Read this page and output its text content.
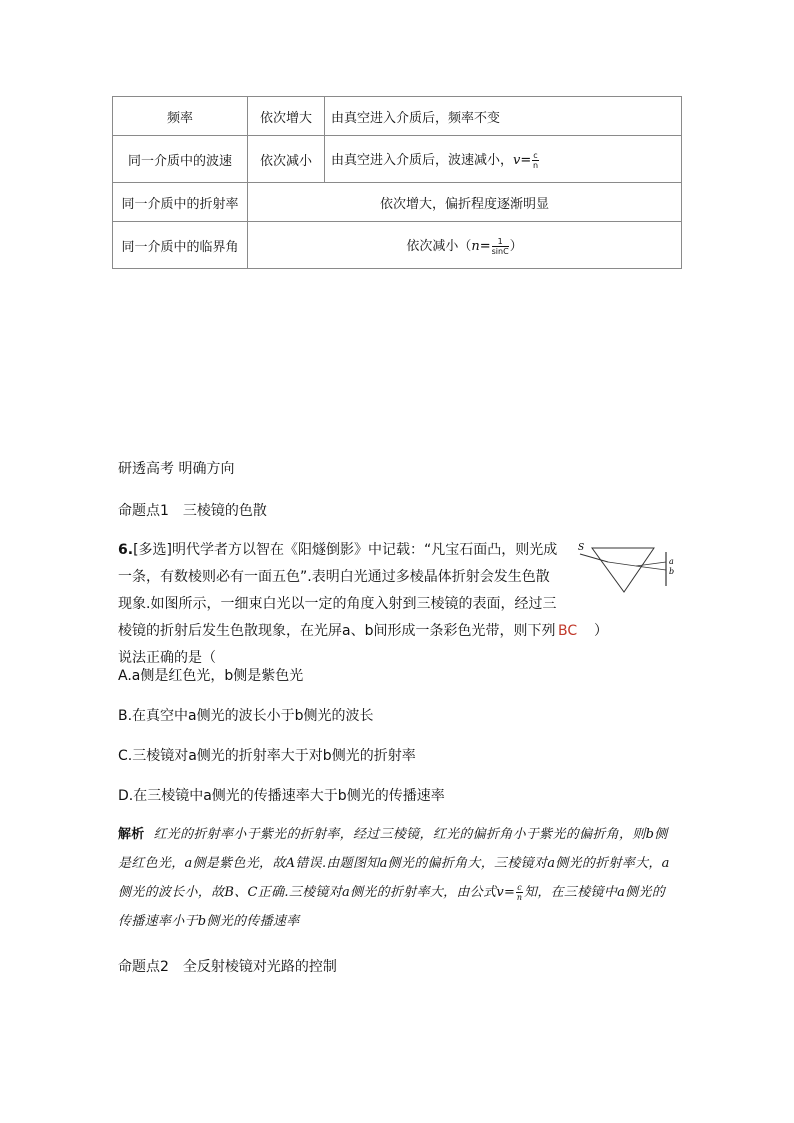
频率	依次增大	由真空进入介质后，频率不变
同一介质中的波速	依次减小	由真空进入介质后，波速减小，$v= \frac{c}{n}$

同一介质中的折射率	依次增大，偏折程度逐渐明显	
同一介质中的临界角	依次减小（$n= \frac{1}{\sin C}$ ）	
研透高考 明确方向
命题点1　三棱镜的色散
S
a
b
6.[多选]明代学者方以智在《阳燧倒影》中记载：“凡宝石面凸，则光成一条，有数棱则必有一面五色”.表明白光通过多棱晶体折射会发生色散现象.如图所示，一细束白光以一定的角度入射到三棱镜的表面，经过三棱镜的折射后发生色散现象，在光屏a、b间形成一条彩色光带，则下列说法正确的是（
BC ）
A.a侧是红色光，b侧是紫色光
B.在真空中a侧光的波长小于b侧光的波长
C.三棱镜对a侧光的折射率大于对b侧光的折射率
D.在三棱镜中a侧光的传播速率大于b侧光的传播速率
解析 红光的折射率小于紫光的折射率，经过三棱镜，红光的偏折角小于紫光的偏折角，则b侧是红色光，a侧是紫色光，故A错误.由题图知a侧光的偏折角大，三棱镜对a侧光的折射率大，a侧光的波长小，故B、C正确.三棱镜对a侧光的折射率大，由公式$v= \frac{c}{n}$ 知，在三棱镜中a侧光的传播速率小于b侧光的传播速率
命题点2　全反射棱镜对光路的控制
